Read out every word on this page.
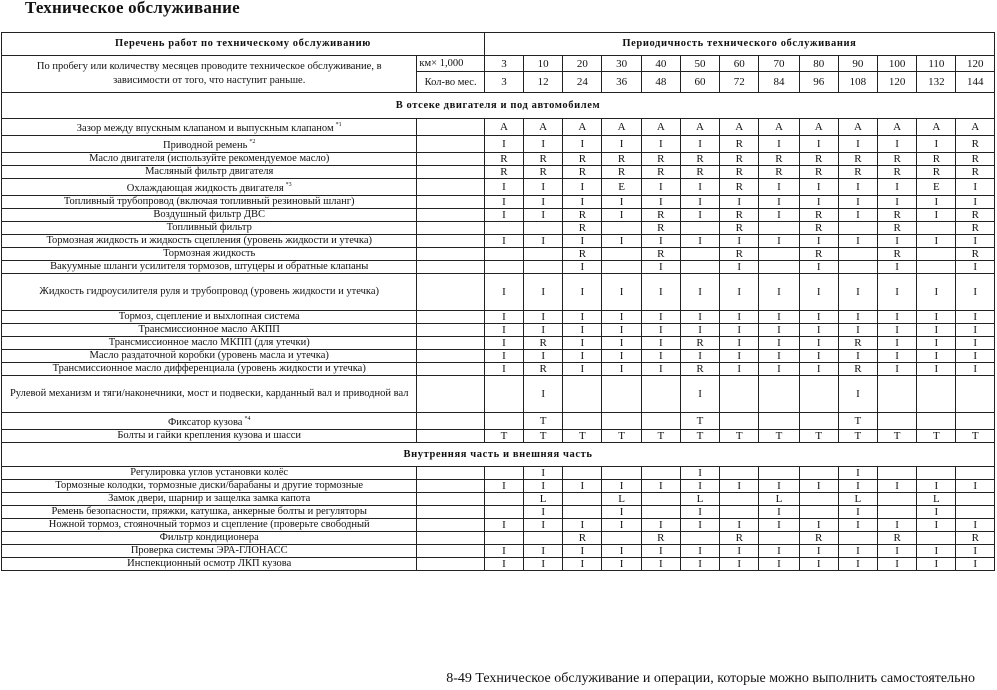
Техническое обслуживание
Перечень работ по техническому обслуживанию		Периодичность технического обслуживания												
По пробегу или количеству месяцев проводите техническое обслуживание, в зависимости от того, что наступит раньше.	км× 1,000	3	10	20	30	40	50	60	70	80	90	100	110	120
	Кол-во мес.	3	12	24	36	48	60	72	84	96	108	120	132	144
В отсеке двигателя и под автомобилем														
Зазор между впускным клапаном и выпускным клапаном $^{*1}$		A	A	A	A	A	A	A	A	A	A	A	A	A
Приводной ремень $^{*2}$		I	I	I	I	I	I	R	I	I	I	I	I	R
Масло двигателя (используйте рекомендуемое масло)		R	R	R	R	R	R	R	R	R	R	R	R	R
Масляный фильтр двигателя		R	R	R	R	R	R	R	R	R	R	R	R	R
Охлаждающая жидкость двигателя $^{*3}$		I	I	I	E	I	I	R	I	I	I	I	E	I
Топливный трубопровод (включая топливный резиновый шланг)		I	I	I	I	I	I	I	I	I	I	I	I	I
Воздушный фильтр ДВС		I	I	R	I	R	I	R	I	R	I	R	I	R
Топливный фильтр				R		R		R		R		R		R
Тормозная жидкость и жидкость сцепления (уровень жидкости и утечка)		I	I	I	I	I	I	I	I	I	I	I	I	I
Тормозная жидкость				R		R		R		R		R		R
Вакуумные шланги усилителя тормозов, штуцеры и обратные клапаны				I		I		I		I		I		I
Жидкость гидроусилителя руля и трубопровод (уровень жидкости и утечка)		I	I	I	I	I	I	I	I	I	I	I	I	I
Тормоз, сцепление и выхлопная система		I	I	I	I	I	I	I	I	I	I	I	I	I
Трансмиссионное масло АКПП		I	I	I	I	I	I	I	I	I	I	I	I	I
Трансмиссионное масло МКПП (для утечки)		I	R	I	I	I	R	I	I	I	R	I	I	I
Масло раздаточной коробки (уровень масла и утечка)		I	I	I	I	I	I	I	I	I	I	I	I	I
Трансмиссионное масло дифференциала (уровень жидкости и утечка)		I	R	I	I	I	R	I	I	I	R	I	I	I
Рулевой механизм и тяги/наконечники, мост и подвески, карданный вал и приводной вал			I				I				I			
Фиксатор кузова $^{*4}$			T				T				T			
Болты и гайки крепления кузова и шасси		T	T	T	T	T	T	T	T	T	T	T	T	T
Внутренняя часть и внешняя часть														
Регулировка углов установки колёс			I				I				I			
Тормозные колодки, тормозные диски/барабаны и другие тормозные		I	I	I	I	I	I	I	I	I	I	I	I	I
Замок двери, шарнир и защелка замка капота			L		L		L		L		L		L	
Ремень безопасности, пряжки, катушка, анкерные болты и регуляторы			I		I		I		I		I		I	
Ножной тормоз, стояночный тормоз и сцепление (проверьте свободный		I	I	I	I	I	I	I	I	I	I	I	I	I
Фильтр кондиционера				R		R		R		R		R		R
Проверка системы ЭРА-ГЛОНАСС		I	I	I	I	I	I	I	I	I	I	I	I	I
Инспекционный осмотр ЛКП кузова		I	I	I	I	I	I	I	I	I	I	I	I	I
8-49 Техническое обслуживание и операции, которые можно выполнить самостоятельно
